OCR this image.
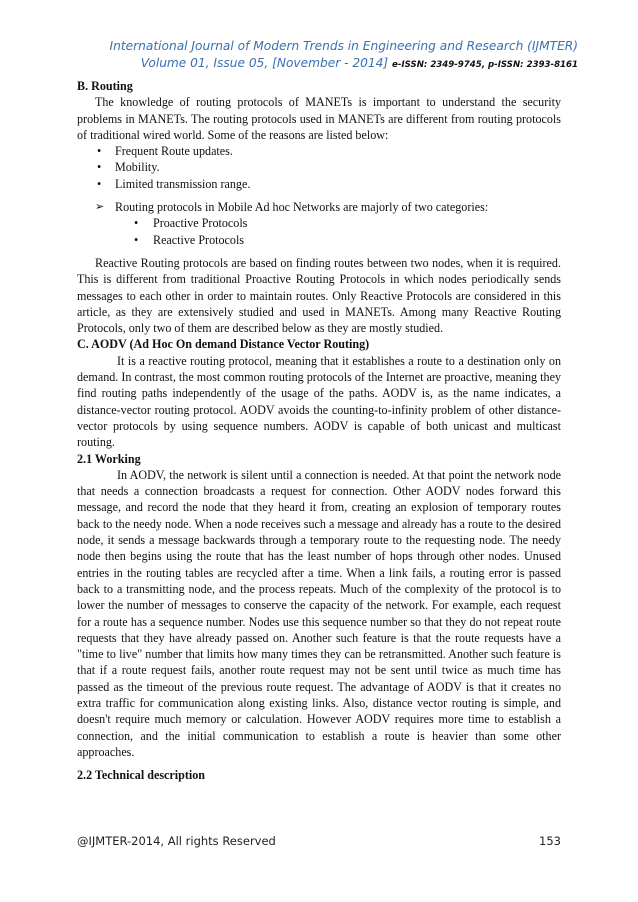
International Journal of Modern Trends in Engineering and Research (IJMTER)
Volume 01, Issue 05, [November - 2014] e-ISSN: 2349-9745, p-ISSN: 2393-8161
B. Routing

The knowledge of routing protocols of MANETs is important to understand the security problems in MANETs. The routing protocols used in MANETs are different from routing protocols of traditional wired world. Some of the reasons are listed below:

• Frequent Route updates.
• Mobility.
• Limited transmission range.
➢ Routing protocols in Mobile Ad hoc Networks are majorly of two categories:
• Proactive Protocols
• Reactive Protocols

Reactive Routing protocols are based on finding routes between two nodes, when it is required. This is different from traditional Proactive Routing Protocols in which nodes periodically sends messages to each other in order to maintain routes. Only Reactive Protocols are considered in this article, as they are extensively studied and used in MANETs. Among many Reactive Routing Protocols, only two of them are described below as they are mostly studied.

C. AODV (Ad Hoc On demand Distance Vector Routing)

It is a reactive routing protocol, meaning that it establishes a route to a destination only on demand. In contrast, the most common routing protocols of the Internet are proactive, meaning they find routing paths independently of the usage of the paths. AODV is, as the name indicates, a distance-vector routing protocol. AODV avoids the counting-to-infinity problem of other distance-vector protocols by using sequence numbers. AODV is capable of both unicast and multicast routing.

2.1 Working

In AODV, the network is silent until a connection is needed. At that point the network node that needs a connection broadcasts a request for connection. Other AODV nodes forward this message, and record the node that they heard it from, creating an explosion of temporary routes back to the needy node. When a node receives such a message and already has a route to the desired node, it sends a message backwards through a temporary route to the requesting node. The needy node then begins using the route that has the least number of hops through other nodes. Unused entries in the routing tables are recycled after a time. When a link fails, a routing error is passed back to a transmitting node, and the process repeats. Much of the complexity of the protocol is to lower the number of messages to conserve the capacity of the network. For example, each request for a route has a sequence number. Nodes use this sequence number so that they do not repeat route requests that they have already passed on. Another such feature is that the route requests have a "time to live" number that limits how many times they can be retransmitted. Another such feature is that if a route request fails, another route request may not be sent until twice as much time has passed as the timeout of the previous route request. The advantage of AODV is that it creates no extra traffic for communication along existing links. Also, distance vector routing is simple, and doesn't require much memory or calculation. However AODV requires more time to establish a connection, and the initial communication to establish a route is heavier than some other approaches.

2.2 Technical description
@IJMTER-2014, All rights Reserved	153
